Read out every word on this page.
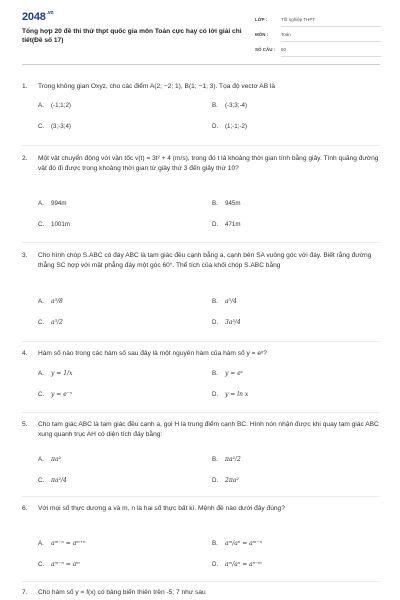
$2048^{.vn}$
Tổng hợp 20 đề thi thử thpt quốc gia môn Toán cực hay có lời giải chi tiết(Đề số 17)
LỚP :	Tốt nghiệp THPT
MÔN :	Toán
SỐ CÂU : 50
1. Trong không gian Oxyz, cho các điểm A(2; −2; 1), B(1; −1; 3). Tọa độ vectơ AB là
A. (-1;1;2)	B. (-3;3;-4)
C. (3;-3;4)	D. (1;-1;-2)
2. Một vật chuyển động với vận tốc v(t) = 3t² + 4 (m/s), trong đó t là khoảng thời gian tính bằng giây. Tính quãng đường vật đó đi được trong khoảng thời gian từ giây thứ 3 đến giây thứ 10?
A. 994m	B. 945m
C. 1001m	D. 471m
3. Cho hình chóp S.ABC có đáy ABC là tam giác đều cạnh bằng a, cạnh bên SA vuông góc với đáy. Biết rằng đường thẳng SC hợp với mặt phẳng đáy một góc 60°. Thể tích của khối chóp S.ABC bằng
A. a³/8	B. a³/4
C. a³/2	D. 3a³/4
4. Hàm số nào trong các hàm số sau đây là một nguyên hàm của hàm số y = eˣ?
A. y = 1/x	B. y = eˣ
C. y = e⁻ˣ	D. y = ln x
5. Cho tam giác ABC là tam giác đều cạnh a, gọi H là trung điểm cạnh BC. Hình nón nhận được khi quay tam giác ABC xung quanh trục AH có diện tích đáy bằng:
A. πa²	B. πa²/2
C. πa²/4	D. 2πa²
6. Với mọi số thực dương a và m, n là hai số thực bất kì. Mệnh đề nào dưới đây đúng?
A. aᵐ⁻ⁿ = aᵐ⁺ⁿ	B. aᵐ/aⁿ = aᵐ⁻ⁿ
C. aᵐ⁻ⁿ = aᵐ	D. aᵐ/aⁿ = aⁿ⁻ᵐ
7. Cho hàm số y = f(x) có bảng biến thiên trên -5; 7 như sau
